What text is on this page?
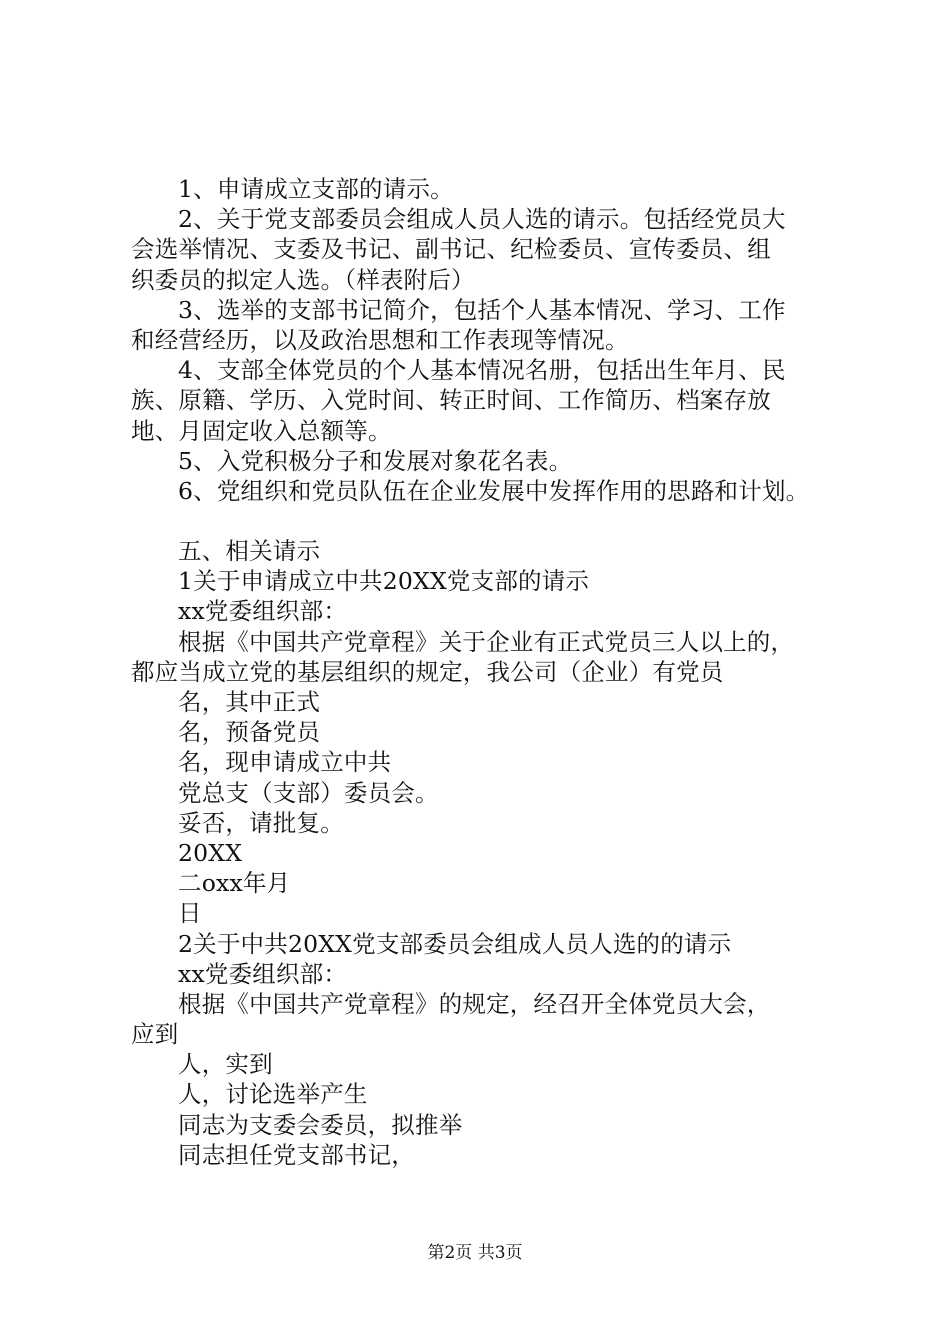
1、申请成立支部的请示。
2、关于党支部委员会组成人员人选的请示。包括经党员大
会选举情况、支委及书记、副书记、纪检委员、宣传委员、组
织委员的拟定人选。（样表附后）
3、选举的支部书记简介，包括个人基本情况、学习、工作
和经营经历，以及政治思想和工作表现等情况。
4、支部全体党员的个人基本情况名册，包括出生年月、民
族、原籍、学历、入党时间、转正时间、工作简历、档案存放
地、月固定收入总额等。
5、入党积极分子和发展对象花名表。
6、党组织和党员队伍在企业发展中发挥作用的思路和计划。
五、相关请示
1关于申请成立中共20XX党支部的请示
xx党委组织部：
根据《中国共产党章程》关于企业有正式党员三人以上的，
都应当成立党的基层组织的规定，我公司（企业）有党员
名，其中正式
名，预备党员
名，现申请成立中共
党总支（支部）委员会。
妥否，请批复。
20XX
二oxx年月
日
2关于中共20XX党支部委员会组成人员人选的的请示
xx党委组织部：
根据《中国共产党章程》的规定，经召开全体党员大会，
应到
人，实到
人，讨论选举产生
同志为支委会委员，拟推举
同志担任党支部书记，
第2页 共3页
